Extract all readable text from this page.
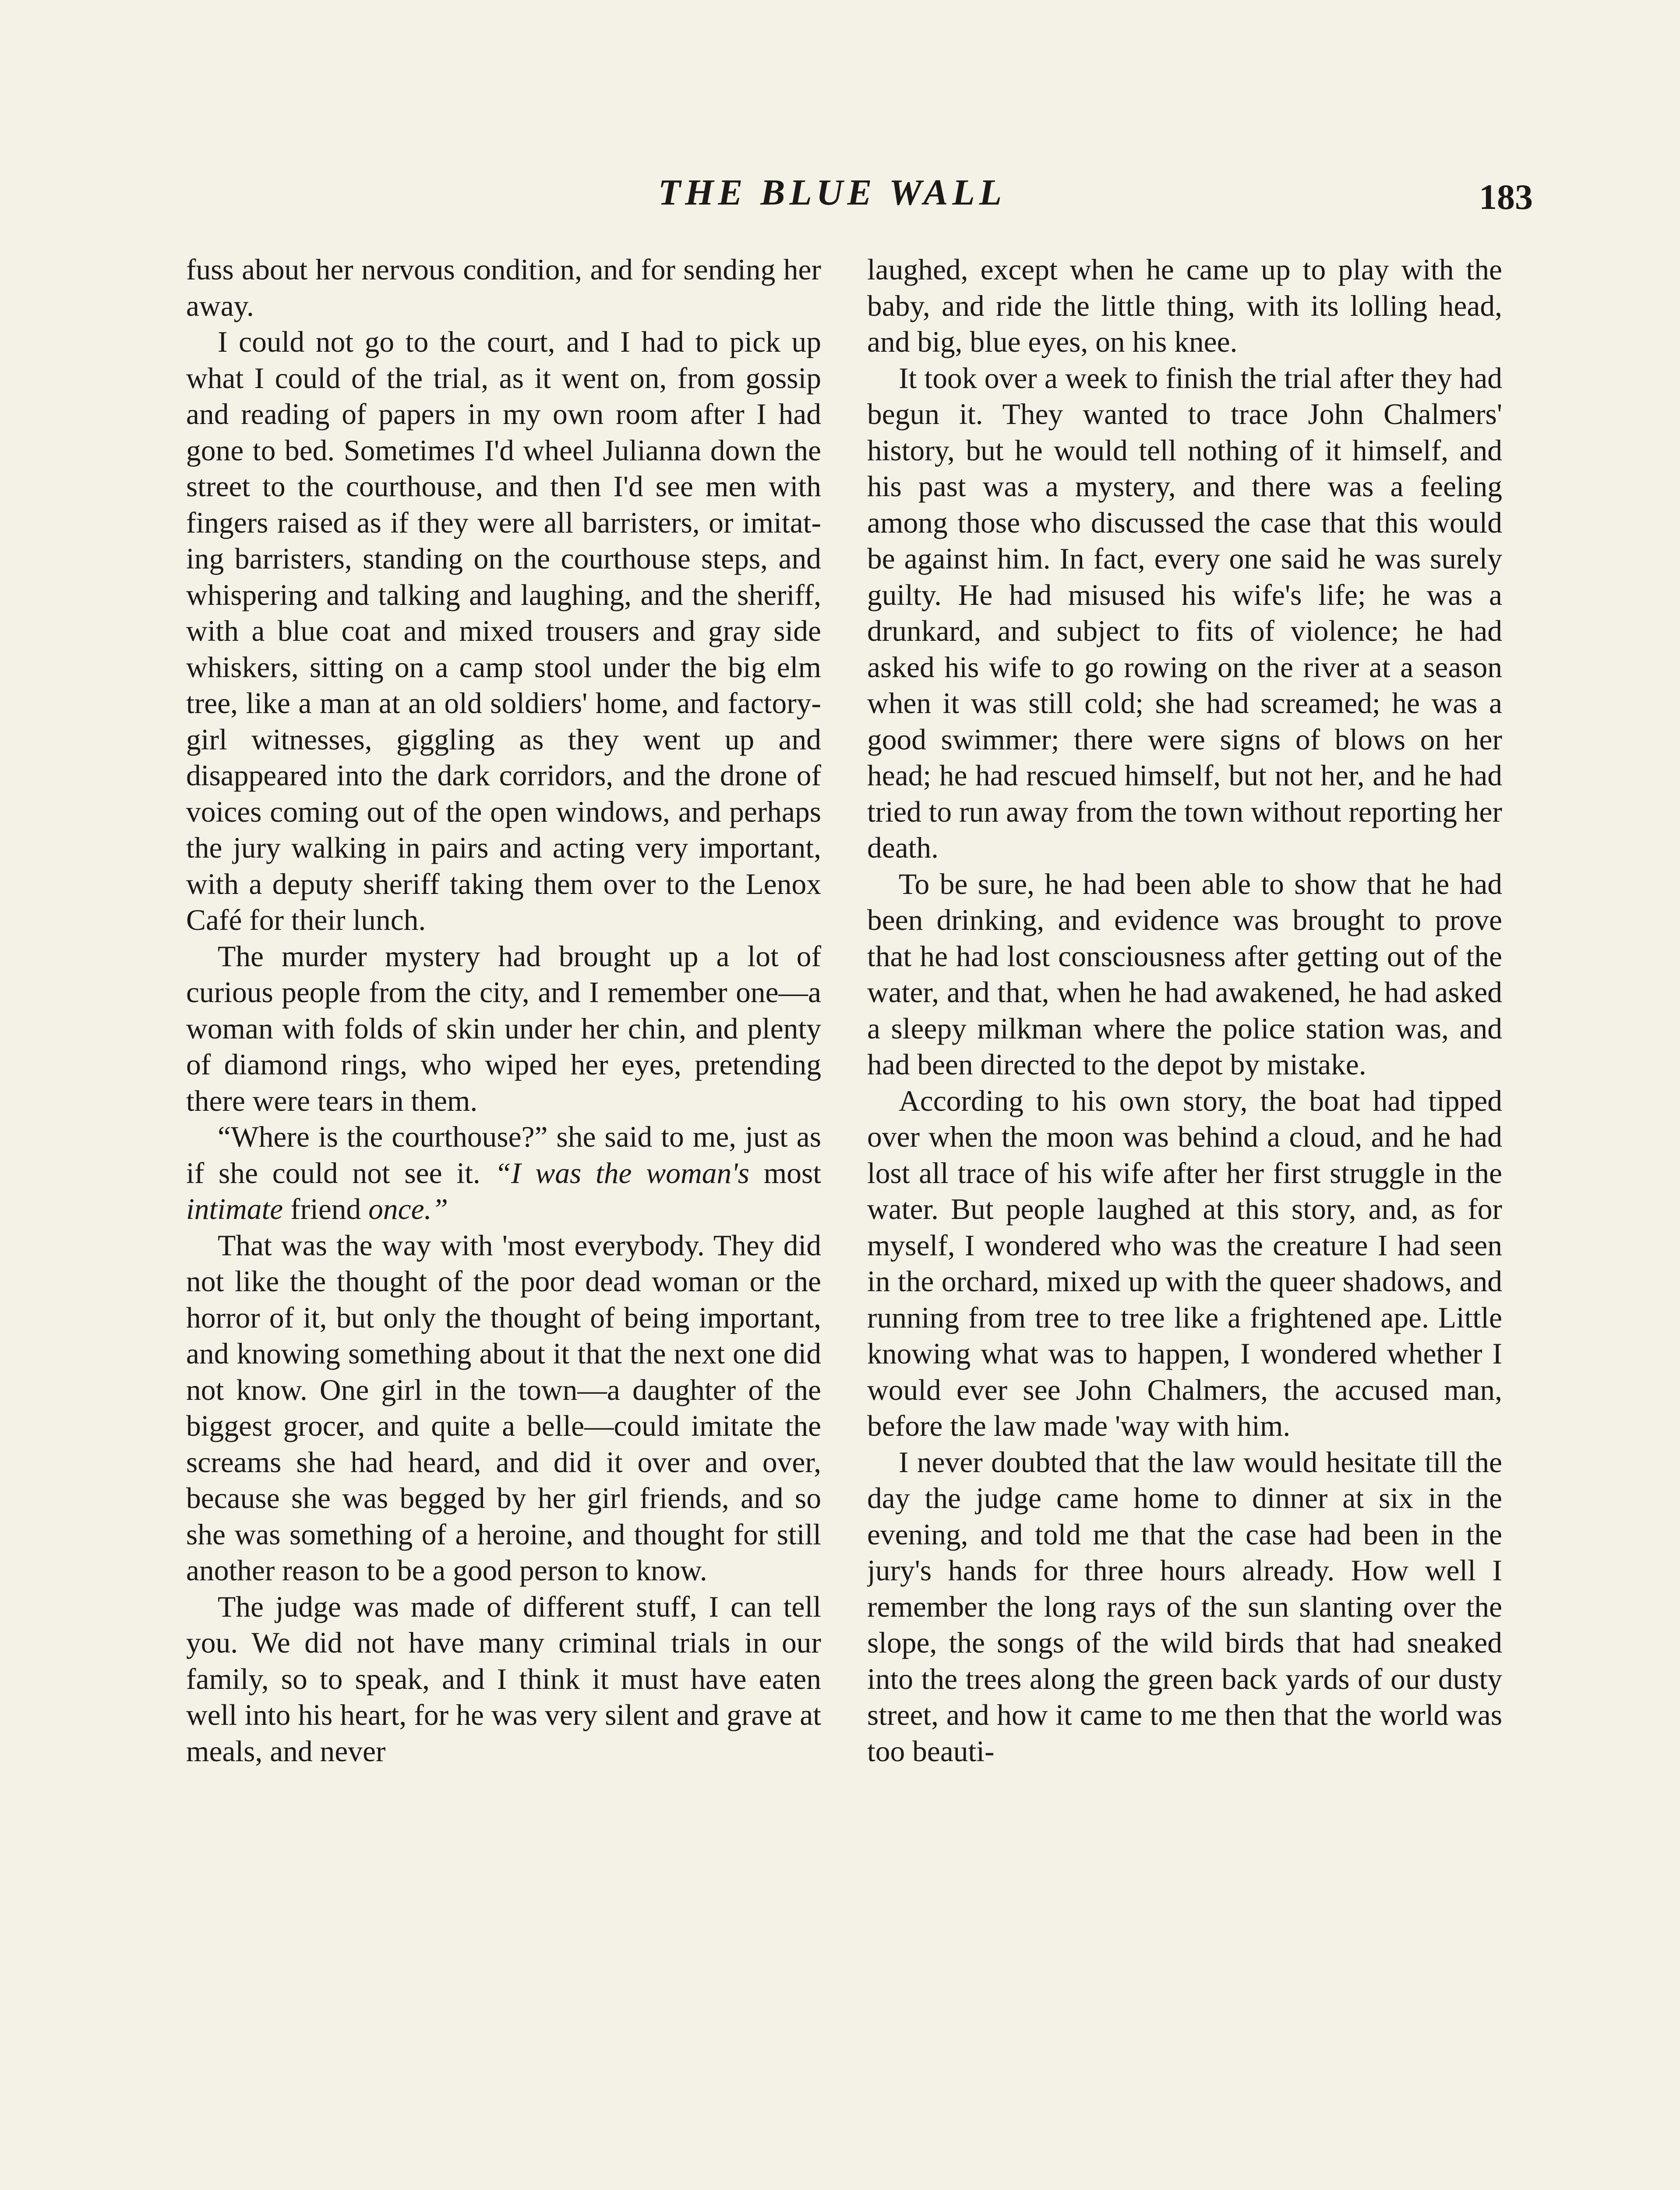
THE BLUE WALL	183

fuss about her nervous condition, and for sending her away.

I could not go to the court, and I had to pick up what I could of the trial, as it went on, from gossip and reading of papers in my own room after I had gone to bed. Sometimes I'd wheel Julianna down the street to the courthouse, and then I'd see men with fingers raised as if they were all barristers, or imitating barristers, standing on the courthouse steps, and whispering and talking and laughing, and the sheriff, with a blue coat and mixed trousers and gray side whiskers, sitting on a camp stool under the big elm tree, like a man at an old soldiers' home, and factory-girl witnesses, giggling as they went up and disappeared into the dark corridors, and the drone of voices coming out of the open windows, and perhaps the jury walking in pairs and acting very important, with a deputy sheriff taking them over to the Lenox Café for their lunch.

The murder mystery had brought up a lot of curious people from the city, and I remember one—a woman with folds of skin under her chin, and plenty of diamond rings, who wiped her eyes, pretending there were tears in them.

“Where is the courthouse?” she said to me, just as if she could not see it. “I was the woman's most intimate friend once.”

That was the way with 'most everybody. They did not like the thought of the poor dead woman or the horror of it, but only the thought of being important, and knowing something about it that the next one did not know. One girl in the town—a daughter of the biggest grocer, and quite a belle—could imitate the screams she had heard, and did it over and over, because she was begged by her girl friends, and so she was something of a heroine, and thought for still another reason to be a good person to know.

The judge was made of different stuff, I can tell you. We did not have many criminal trials in our family, so to speak, and I think it must have eaten well into his heart, for he was very silent and grave at meals, and never

laughed, except when he came up to play with the baby, and ride the little thing, with its lolling head, and big, blue eyes, on his knee.

It took over a week to finish the trial after they had begun it. They wanted to trace John Chalmers' history, but he would tell nothing of it himself, and his past was a mystery, and there was a feeling among those who discussed the case that this would be against him. In fact, every one said he was surely guilty. He had misused his wife's life; he was a drunkard, and subject to fits of violence; he had asked his wife to go rowing on the river at a season when it was still cold; she had screamed; he was a good swimmer; there were signs of blows on her head; he had rescued himself, but not her, and he had tried to run away from the town without reporting her death.

To be sure, he had been able to show that he had been drinking, and evidence was brought to prove that he had lost consciousness after getting out of the water, and that, when he had awakened, he had asked a sleepy milkman where the police station was, and had been directed to the depot by mistake.

According to his own story, the boat had tipped over when the moon was behind a cloud, and he had lost all trace of his wife after her first struggle in the water. But people laughed at this story, and, as for myself, I wondered who was the creature I had seen in the orchard, mixed up with the queer shadows, and running from tree to tree like a frightened ape. Little knowing what was to happen, I wondered whether I would ever see John Chalmers, the accused man, before the law made 'way with him.

I never doubted that the law would hesitate till the day the judge came home to dinner at six in the evening, and told me that the case had been in the jury's hands for three hours already. How well I remember the long rays of the sun slanting over the slope, the songs of the wild birds that had sneaked into the trees along the green back yards of our dusty street, and how it came to me then that the world was too beauti-
